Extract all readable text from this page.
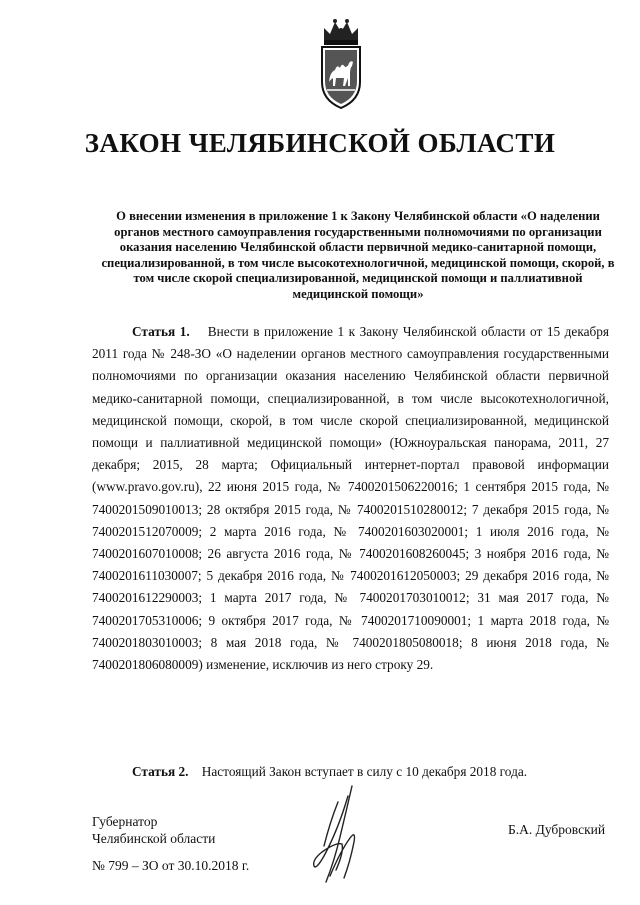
ЗАКОН ЧЕЛЯБИНСКОЙ ОБЛАСТИ
О внесении изменения в приложение 1 к Закону Челябинской области «О наделении органов местного самоуправления государственными полномочиями по организации оказания населению Челябинской области первичной медико-санитарной помощи, специализированной, в том числе высокотехнологичной, медицинской помощи, скорой, в том числе скорой специализированной, медицинской помощи и паллиативной медицинской помощи»
Статья 1. Внести в приложение 1 к Закону Челябинской области от 15 декабря 2011 года № 248-ЗО «О наделении органов местного самоуправления государственными полномочиями по организации оказания населению Челябинской области первичной медико-санитарной помощи, специализированной, в том числе высокотехнологичной, медицинской помощи, скорой, в том числе скорой специализированной, медицинской помощи и паллиативной медицинской помощи» (Южноуральская панорама, 2011, 27 декабря; 2015, 28 марта; Официальный интернет-портал правовой информации (www.pravo.gov.ru), 22 июня 2015 года, № 7400201506220016; 1 сентября 2015 года, № 7400201509010013; 28 октября 2015 года, № 7400201510280012; 7 декабря 2015 года, № 7400201512070009; 2 марта 2016 года, № 7400201603020001; 1 июля 2016 года, № 7400201607010008; 26 августа 2016 года, № 7400201608260045; 3 ноября 2016 года, № 7400201611030007; 5 декабря 2016 года, № 7400201612050003; 29 декабря 2016 года, № 7400201612290003; 1 марта 2017 года, № 7400201703010012; 31 мая 2017 года, № 7400201705310006; 9 октября 2017 года, № 7400201710090001; 1 марта 2018 года, № 7400201803010003; 8 мая 2018 года, № 7400201805080018; 8 июня 2018 года, № 7400201806080009) изменение, исключив из него строку 29.
Статья 2. Настоящий Закон вступает в силу с 10 декабря 2018 года.
Губернатор
Челябинской области
Б.А. Дубровский
№ 799 – ЗО от 30.10.2018 г.
